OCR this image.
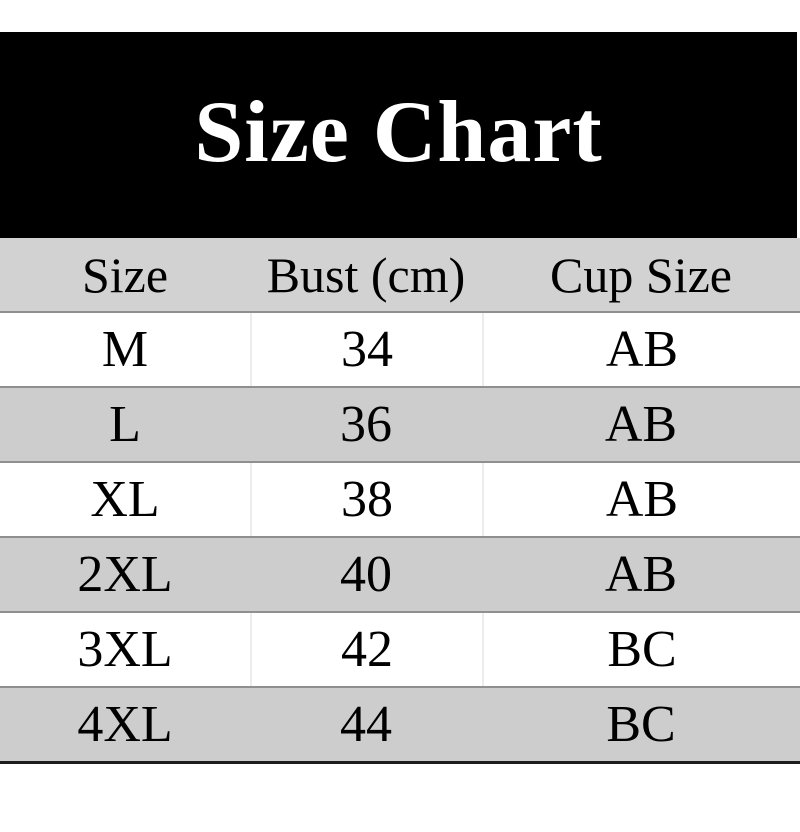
Size Chart
Size	Bust (cm)	Cup Size
M	34	AB
L	36	AB
XL	38	AB
2XL	40	AB
3XL	42	BC
4XL	44	BC
